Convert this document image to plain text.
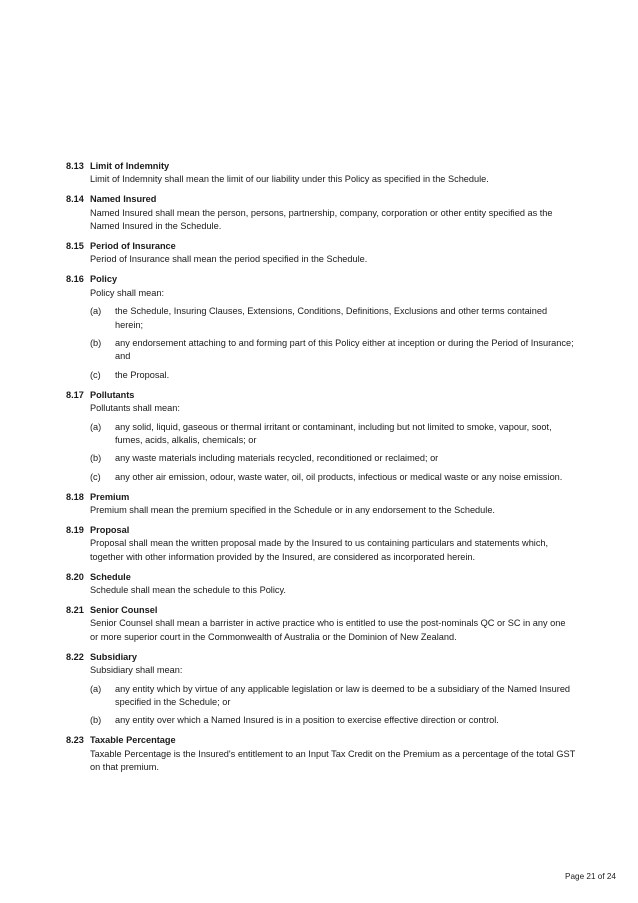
8.13 Limit of Indemnity
Limit of Indemnity shall mean the limit of our liability under this Policy as specified in the Schedule.
8.14 Named Insured
Named Insured shall mean the person, persons, partnership, company, corporation or other entity specified as the Named Insured in the Schedule.
8.15 Period of Insurance
Period of Insurance shall mean the period specified in the Schedule.
8.16 Policy
Policy shall mean:
(a)	the Schedule, Insuring Clauses, Extensions, Conditions, Definitions, Exclusions and other terms contained herein;
(b)	any endorsement attaching to and forming part of this Policy either at inception or during the Period of Insurance; and
(c)	the Proposal.
8.17 Pollutants
Pollutants shall mean:
(a)	any solid, liquid, gaseous or thermal irritant or contaminant, including but not limited to smoke, vapour, soot, fumes, acids, alkalis, chemicals; or
(b)	any waste materials including materials recycled, reconditioned or reclaimed; or
(c)	any other air emission, odour, waste water, oil, oil products, infectious or medical waste or any noise emission.
8.18 Premium
Premium shall mean the premium specified in the Schedule or in any endorsement to the Schedule.
8.19 Proposal
Proposal shall mean the written proposal made by the Insured to us containing particulars and statements which, together with other information provided by the Insured, are considered as incorporated herein.
8.20 Schedule
Schedule shall mean the schedule to this Policy.
8.21 Senior Counsel
Senior Counsel shall mean a barrister in active practice who is entitled to use the post-nominals QC or SC in any one or more superior court in the Commonwealth of Australia or the Dominion of New Zealand.
8.22 Subsidiary
Subsidiary shall mean:
(a)	any entity which by virtue of any applicable legislation or law is deemed to be a subsidiary of the Named Insured specified in the Schedule; or
(b)	any entity over which a Named Insured is in a position to exercise effective direction or control.
8.23 Taxable Percentage
Taxable Percentage is the Insured's entitlement to an Input Tax Credit on the Premium as a percentage of the total GST on that premium.
Page 21 of 24
